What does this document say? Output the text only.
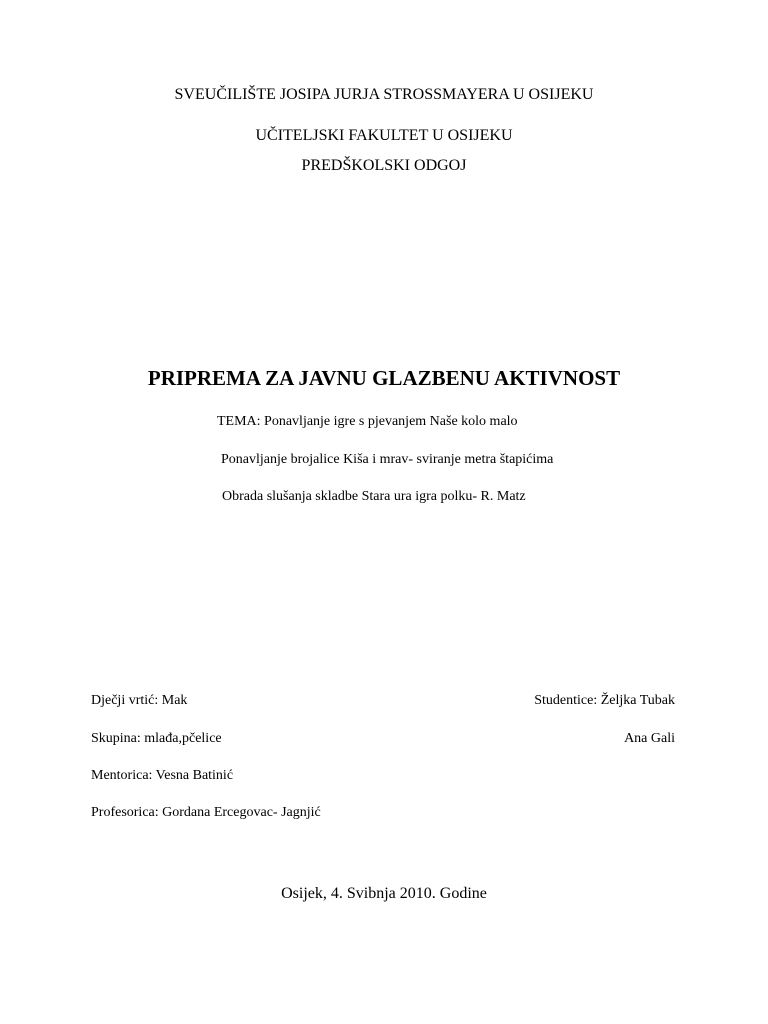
SVEUČILIŠTE JOSIPA JURJA STROSSMAYERA U OSIJEKU
UČITELJSKI FAKULTET U OSIJEKU
PREDŠKOLSKI ODGOJ
PRIPREMA ZA JAVNU GLAZBENU AKTIVNOST
TEMA: Ponavljanje igre s pjevanjem Naše kolo malo
Ponavljanje brojalice Kiša i mrav- sviranje metra štapićima
Obrada slušanja skladbe Stara ura igra polku- R. Matz
Dječji vrtić: Mak
Skupina: mlađa,pčelice
Mentorica: Vesna Batinić
Profesorica: Gordana Ercegovac- Jagnjić
Studentice: Željka Tubak
Ana Gali
Osijek, 4. Svibnja 2010. Godine
